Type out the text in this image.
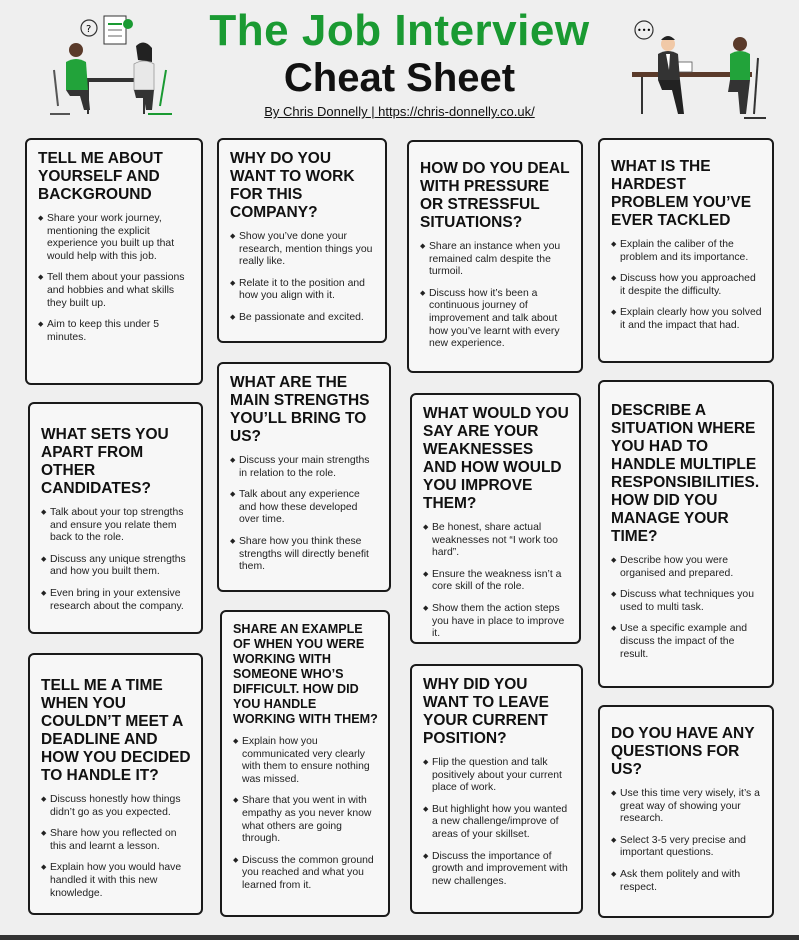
The Job Interview
Cheat Sheet
By Chris Donnelly | https://chris-donnelly.co.uk/
?	•••
TELL ME ABOUT YOURSELF AND BACKGROUND
◆ Share your work journey, mentioning the explicit experience you built up that would help with this job.
◆ Tell them about your passions and hobbies and what skills they built up.
◆ Aim to keep this under 5 minutes.
WHAT SETS YOU APART FROM OTHER CANDIDATES?
◆ Talk about your top strengths and ensure you relate them back to the role.
◆ Discuss any unique strengths and how you built them.
◆ Even bring in your extensive research about the company.
TELL ME A TIME WHEN YOU COULDN’T MEET A DEADLINE AND HOW YOU DECIDED TO HANDLE IT?
◆ Discuss honestly how things didn’t go as you expected.
◆ Share how you reflected on this and learnt a lesson.
◆ Explain how you would have handled it with this new knowledge.
WHY DO YOU WANT TO WORK FOR THIS COMPANY?
◆ Show you’ve done your research, mention things you really like.
◆ Relate it to the position and how you align with it.
◆ Be passionate and excited.
WHAT ARE THE MAIN STRENGTHS YOU’LL BRING TO US?
◆ Discuss your main strengths in relation to the role.
◆ Talk about any experience and how these developed over time.
◆ Share how you think these strengths will directly benefit them.
SHARE AN EXAMPLE OF WHEN YOU WERE WORKING WITH SOMEONE WHO’S DIFFICULT. HOW DID YOU HANDLE WORKING WITH THEM?
◆ Explain how you communicated very clearly with them to ensure nothing was missed.
◆ Share that you went in with empathy as you never know what others are going through.
◆ Discuss the common ground you reached and what you learned from it.
HOW DO YOU DEAL WITH PRESSURE OR STRESSFUL SITUATIONS?
◆ Share an instance when you remained calm despite the turmoil.
◆ Discuss how it’s been a continuous journey of improvement and talk about how you’ve learnt with every new experience.
WHAT WOULD YOU SAY ARE YOUR WEAKNESSES AND HOW WOULD YOU IMPROVE THEM?
◆ Be honest, share actual weaknesses not “I work too hard”.
◆ Ensure the weakness isn’t a core skill of the role.
◆ Show them the action steps you have in place to improve it.
WHY DID YOU WANT TO LEAVE YOUR CURRENT POSITION?
◆ Flip the question and talk positively about your current place of work.
◆ But highlight how you wanted a new challenge/improve of areas of your skillset.
◆ Discuss the importance of growth and improvement with new challenges.
WHAT IS THE HARDEST PROBLEM YOU’VE EVER TACKLED
◆ Explain the caliber of the problem and its importance.
◆ Discuss how you approached it despite the difficulty.
◆ Explain clearly how you solved it and the impact that had.
DESCRIBE A SITUATION WHERE YOU HAD TO HANDLE MULTIPLE RESPONSIBILITIES. HOW DID YOU MANAGE YOUR TIME?
◆ Describe how you were organised and prepared.
◆ Discuss what techniques you used to multi task.
◆ Use a specific example and discuss the impact of the result.
DO YOU HAVE ANY QUESTIONS FOR US?
◆ Use this time very wisely, it’s a great way of showing your research.
◆ Select 3-5 very precise and important questions.
◆ Ask them politely and with respect.
